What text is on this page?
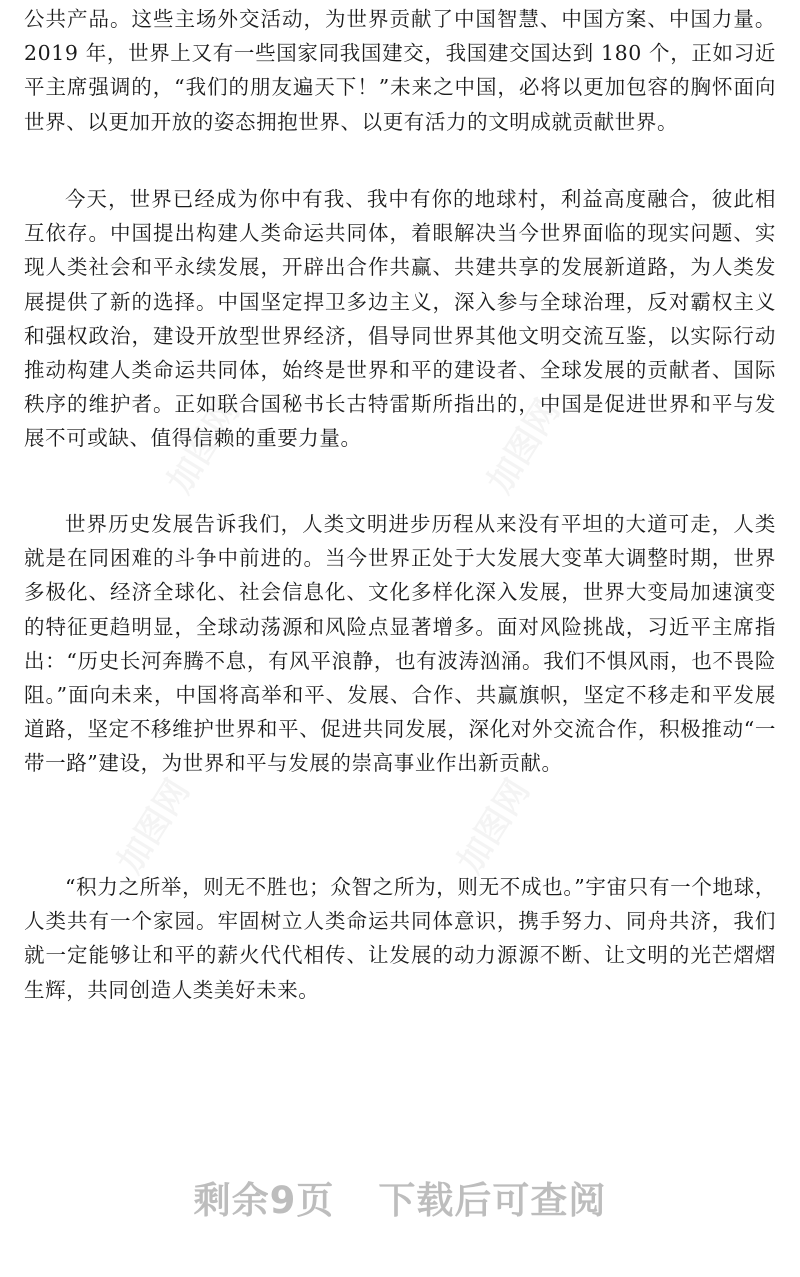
加图网	加图网
加图网	加图网

公共产品。这些主场外交活动，为世界贡献了中国智慧、中国方案、中国力量。2019 年，世界上又有一些国家同我国建交，我国建交国达到 180 个，正如习近平主席强调的，“我们的朋友遍天下！”未来之中国，必将以更加包容的胸怀面向世界、以更加开放的姿态拥抱世界、以更有活力的文明成就贡献世界。

今天，世界已经成为你中有我、我中有你的地球村，利益高度融合，彼此相互依存。中国提出构建人类命运共同体，着眼解决当今世界面临的现实问题、实现人类社会和平永续发展，开辟出合作共赢、共建共享的发展新道路，为人类发展提供了新的选择。中国坚定捍卫多边主义，深入参与全球治理，反对霸权主义和强权政治，建设开放型世界经济，倡导同世界其他文明交流互鉴，以实际行动推动构建人类命运共同体，始终是世界和平的建设者、全球发展的贡献者、国际秩序的维护者。正如联合国秘书长古特雷斯所指出的，中国是促进世界和平与发展不可或缺、值得信赖的重要力量。

世界历史发展告诉我们，人类文明进步历程从来没有平坦的大道可走，人类就是在同困难的斗争中前进的。当今世界正处于大发展大变革大调整时期，世界多极化、经济全球化、社会信息化、文化多样化深入发展，世界大变局加速演变的特征更趋明显，全球动荡源和风险点显著增多。面对风险挑战，习近平主席指出：“历史长河奔腾不息，有风平浪静，也有波涛汹涌。我们不惧风雨，也不畏险阻。”面向未来，中国将高举和平、发展、合作、共赢旗帜，坚定不移走和平发展道路，坚定不移维护世界和平、促进共同发展，深化对外交流合作，积极推动“一带一路”建设，为世界和平与发展的崇高事业作出新贡献。

“积力之所举，则无不胜也；众智之所为，则无不成也。”宇宙只有一个地球，人类共有一个家园。牢固树立人类命运共同体意识，携手努力、同舟共济，我们就一定能够让和平的薪火代代相传、让发展的动力源源不断、让文明的光芒熠熠生辉，共同创造人类美好未来。

剩余9页 下载后可查阅
